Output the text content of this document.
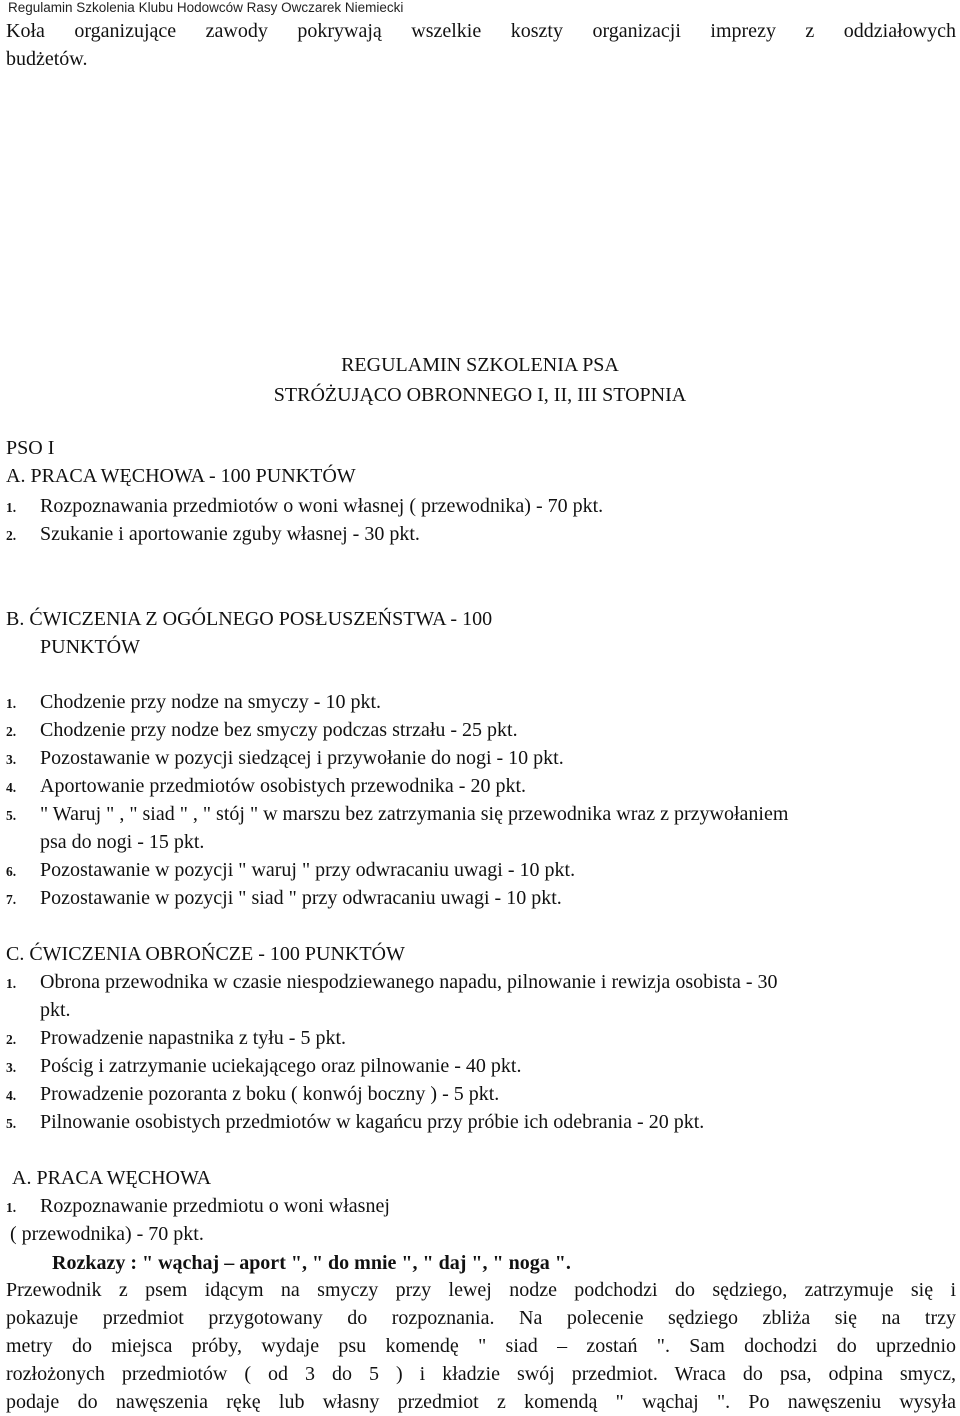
Regulamin Szkolenia Klubu Hodowców Rasy Owczarek Niemiecki
Koła organizujące zawody pokrywają wszelkie koszty organizacji imprezy z oddziałowych
budżetów.
REGULAMIN SZKOLENIA PSA
STRÓŻUJĄCO OBRONNEGO I, II, III STOPNIA
PSO I
A. PRACA WĘCHOWA - 100 PUNKTÓW
1. Rozpoznawania przedmiotów o woni własnej ( przewodnika) - 70 pkt.
2. Szukanie i aportowanie zguby własnej - 30 pkt.
B. ĆWICZENIA Z OGÓLNEGO POSŁUSZEŃSTWA - 100
PUNKTÓW
1. Chodzenie przy nodze na smyczy - 10 pkt.
2. Chodzenie przy nodze bez smyczy podczas strzału - 25 pkt.
3. Pozostawanie w pozycji siedzącej i przywołanie do nogi - 10 pkt.
4. Aportowanie przedmiotów osobistych przewodnika - 20 pkt.
5. " Waruj " , " siad " , " stój " w marszu bez zatrzymania się przewodnika wraz z przywołaniem
psa do nogi - 15 pkt.
6. Pozostawanie w pozycji " waruj " przy odwracaniu uwagi - 10 pkt.
7. Pozostawanie w pozycji " siad " przy odwracaniu uwagi - 10 pkt.
C. ĆWICZENIA OBROŃCZE - 100 PUNKTÓW
1. Obrona przewodnika w czasie niespodziewanego napadu, pilnowanie i rewizja osobista - 30
pkt.
2. Prowadzenie napastnika z tyłu - 5 pkt.
3. Pościg i zatrzymanie uciekającego oraz pilnowanie - 40 pkt.
4. Prowadzenie pozoranta z boku ( konwój boczny ) - 5 pkt.
5. Pilnowanie osobistych przedmiotów w kagańcu przy próbie ich odebrania - 20 pkt.
A. PRACA WĘCHOWA
1. Rozpoznawanie przedmiotu o woni własnej
( przewodnika) - 70 pkt.
Rozkazy : " wąchaj – aport ", " do mnie ", " daj ", " noga ".
Przewodnik z psem idącym na smyczy przy lewej nodze podchodzi do sędziego, zatrzymuje się i
pokazuje przedmiot przygotowany do rozpoznania. Na polecenie sędziego zbliża się na trzy
metry do miejsca próby, wydaje psu komendę " siad – zostań ". Sam dochodzi do uprzednio
rozłożonych przedmiotów ( od 3 do 5 ) i kładzie swój przedmiot. Wraca do psa, odpina smycz,
podaje do nawęszenia rękę lub własny przedmiot z komendą " wąchaj ". Po nawęszeniu wysyła
